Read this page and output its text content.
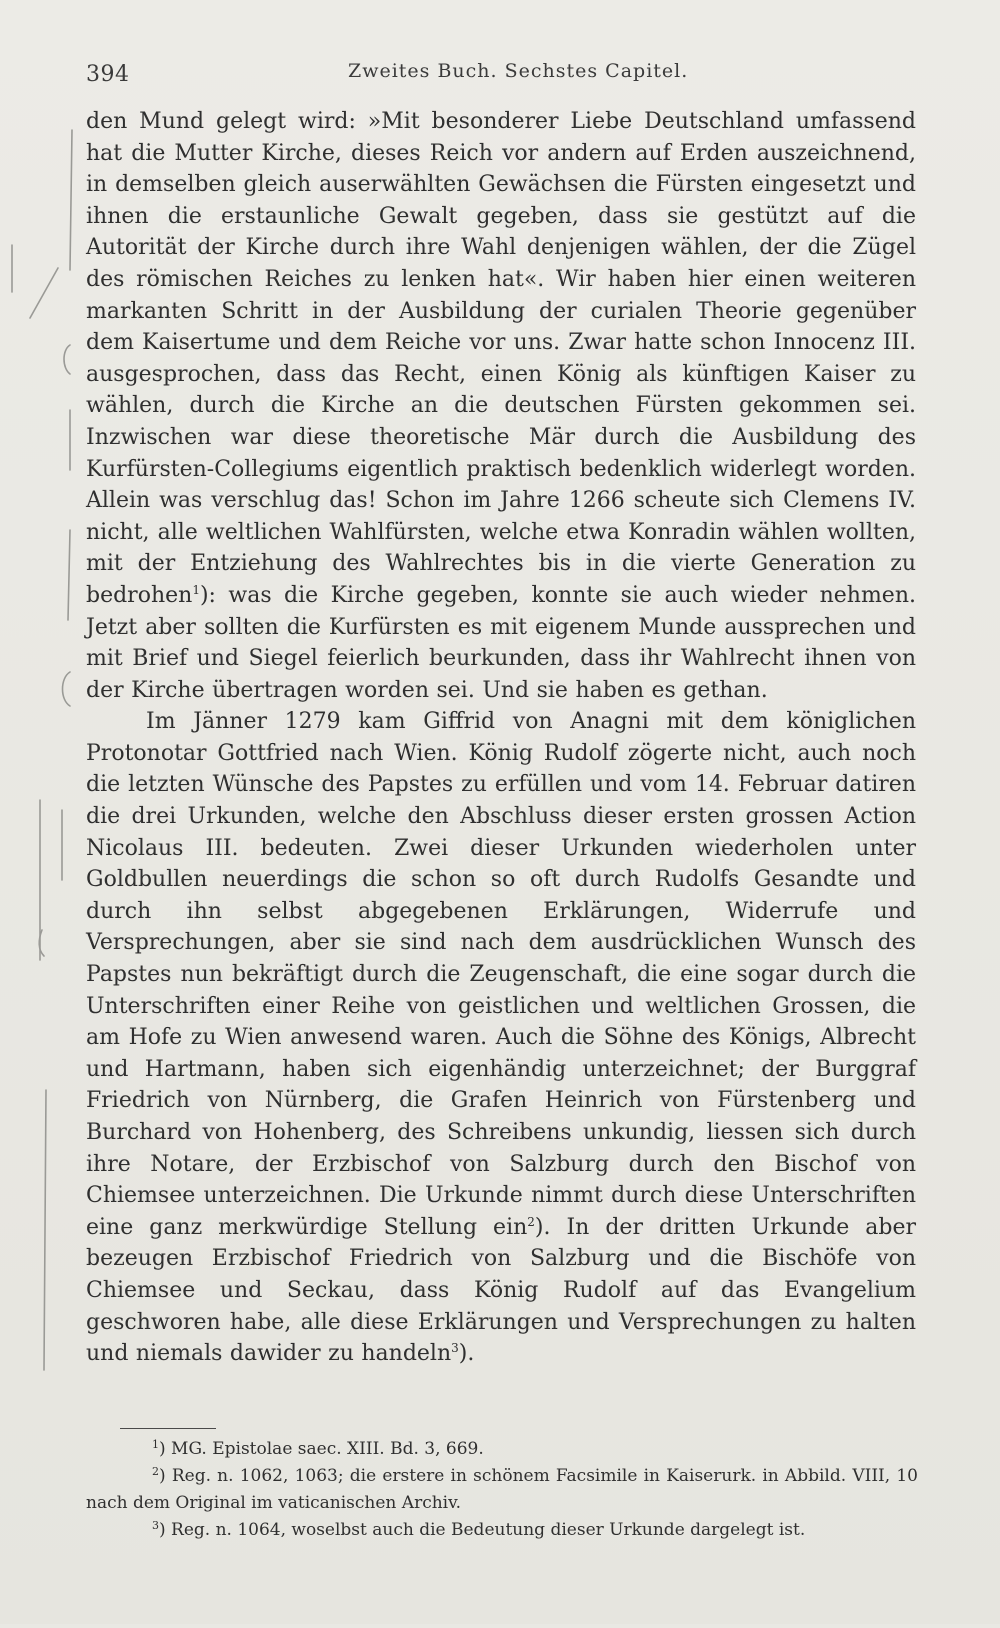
394	Zweites Buch. Sechstes Capitel.

den Mund gelegt wird: »Mit besonderer Liebe Deutschland umfassend hat die Mutter Kirche, dieses Reich vor andern auf Erden auszeichnend, in demselben gleich auserwählten Gewächsen die Fürsten eingesetzt und ihnen die erstaunliche Gewalt gegeben, dass sie gestützt auf die Autorität der Kirche durch ihre Wahl denjenigen wählen, der die Zügel des römischen Reiches zu lenken hat«. Wir haben hier einen weiteren markanten Schritt in der Ausbildung der curialen Theorie gegenüber dem Kaisertume und dem Reiche vor uns. Zwar hatte schon Innocenz III. ausgesprochen, dass das Recht, einen König als künftigen Kaiser zu wählen, durch die Kirche an die deutschen Fürsten gekommen sei. Inzwischen war diese theoretische Mär durch die Ausbildung des Kurfürsten-Collegiums eigentlich praktisch bedenklich widerlegt worden. Allein was verschlug das! Schon im Jahre 1266 scheute sich Clemens IV. nicht, alle weltlichen Wahlfürsten, welche etwa Konradin wählen wollten, mit der Entziehung des Wahlrechtes bis in die vierte Generation zu bedrohen$^1$): was die Kirche gegeben, konnte sie auch wieder nehmen. Jetzt aber sollten die Kurfürsten es mit eigenem Munde aussprechen und mit Brief und Siegel feierlich beurkunden, dass ihr Wahlrecht ihnen von der Kirche übertragen worden sei. Und sie haben es gethan.

Im Jänner 1279 kam Giffrid von Anagni mit dem königlichen Protonotar Gottfried nach Wien. König Rudolf zögerte nicht, auch noch die letzten Wünsche des Papstes zu erfüllen und vom 14. Februar datiren die drei Urkunden, welche den Abschluss dieser ersten grossen Action Nicolaus III. bedeuten. Zwei dieser Urkunden wiederholen unter Goldbullen neuerdings die schon so oft durch Rudolfs Gesandte und durch ihn selbst abgegebenen Erklärungen, Widerrufe und Versprechungen, aber sie sind nach dem ausdrücklichen Wunsch des Papstes nun bekräftigt durch die Zeugenschaft, die eine sogar durch die Unterschriften einer Reihe von geistlichen und weltlichen Grossen, die am Hofe zu Wien anwesend waren. Auch die Söhne des Königs, Albrecht und Hartmann, haben sich eigenhändig unterzeichnet; der Burggraf Friedrich von Nürnberg, die Grafen Heinrich von Fürstenberg und Burchard von Hohenberg, des Schreibens unkundig, liessen sich durch ihre Notare, der Erzbischof von Salzburg durch den Bischof von Chiemsee unterzeichnen. Die Urkunde nimmt durch diese Unterschriften eine ganz merkwürdige Stellung ein$^2$). In der dritten Urkunde aber bezeugen Erzbischof Friedrich von Salzburg und die Bischöfe von Chiemsee und Seckau, dass König Rudolf auf das Evangelium geschworen habe, alle diese Erklärungen und Versprechungen zu halten und niemals dawider zu handeln$^3$).

$^1$) MG. Epistolae saec. XIII. Bd. 3, 669.

$^2$) Reg. n. 1062, 1063; die erstere in schönem Facsimile in Kaiserurk. in Abbild. VIII, 10 nach dem Original im vaticanischen Archiv.

$^3$) Reg. n. 1064, woselbst auch die Bedeutung dieser Urkunde dargelegt ist.
